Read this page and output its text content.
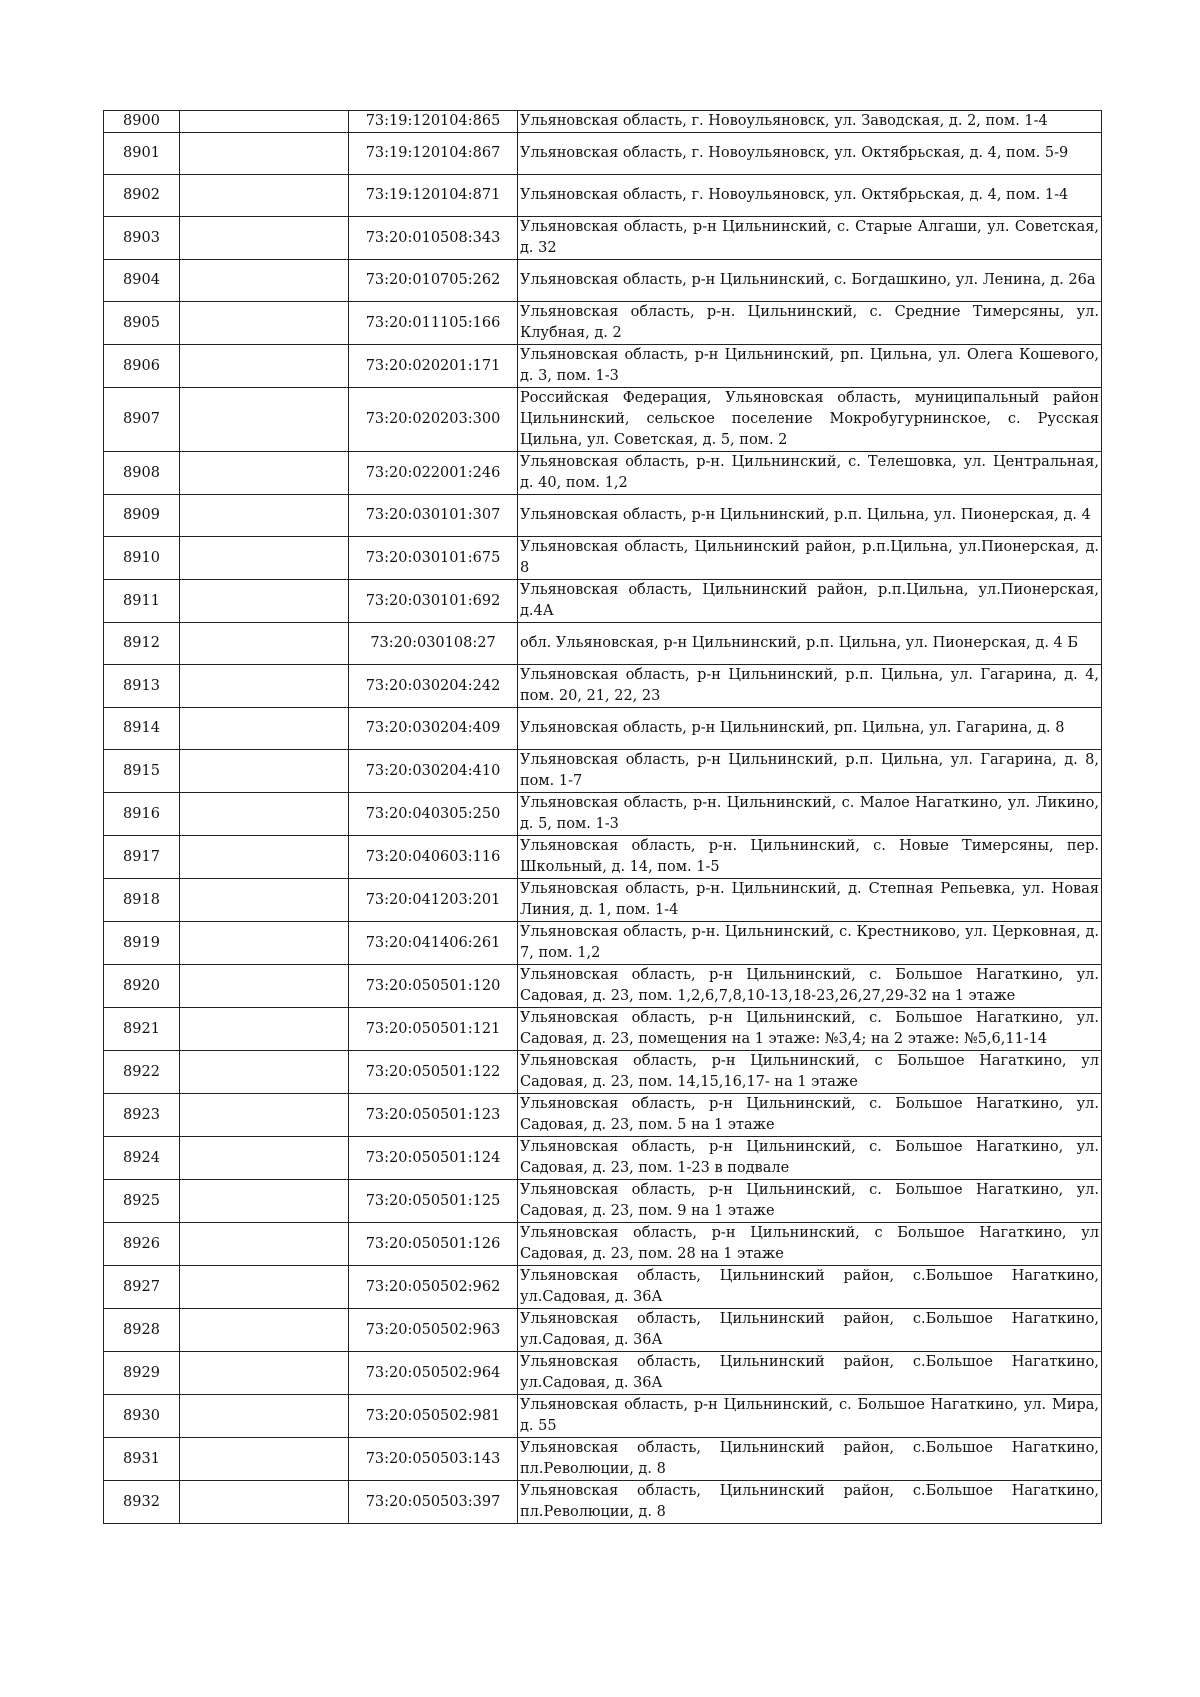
8900		73:19:120104:865	Ульяновская область, г. Новоульяновск, ул. Заводская, д. 2, пом. 1-4
8901		73:19:120104:867	Ульяновская область, г. Новоульяновск, ул. Октябрьская, д. 4, пом. 5-9
8902		73:19:120104:871	Ульяновская область, г. Новоульяновск, ул. Октябрьская, д. 4, пом. 1-4
8903		73:20:010508:343	Ульяновская область, р-н Цильнинский, с. Старые Алгаши, ул. Советская, д. 32
8904		73:20:010705:262	Ульяновская область, р-н Цильнинский, с. Богдашкино, ул. Ленина, д. 26а
8905		73:20:011105:166	Ульяновская область, р-н. Цильнинский, с. Средние Тимерсяны, ул. Клубная, д. 2
8906		73:20:020201:171	Ульяновская область, р-н Цильнинский, рп. Цильна, ул. Олега Кошевого, д. 3, пом. 1-3
8907		73:20:020203:300	Российская Федерация, Ульяновская область, муниципальный район Цильнинский, сельское поселение Мокробугурнинское, с. Русская Цильна, ул. Советская, д. 5, пом. 2
8908		73:20:022001:246	Ульяновская область, р-н. Цильнинский, с. Телешовка, ул. Центральная, д. 40, пом. 1,2
8909		73:20:030101:307	Ульяновская область, р-н Цильнинский, р.п. Цильна, ул. Пионерская, д. 4
8910		73:20:030101:675	Ульяновская область, Цильнинский район, р.п.Цильна, ул.Пионерская, д. 8
8911		73:20:030101:692	Ульяновская область, Цильнинский район, р.п.Цильна, ул.Пионерская, д.4А
8912		73:20:030108:27	обл. Ульяновская, р-н Цильнинский, р.п. Цильна, ул. Пионерская, д. 4 Б
8913		73:20:030204:242	Ульяновская область, р-н Цильнинский, р.п. Цильна, ул. Гагарина, д. 4, пом. 20, 21, 22, 23
8914		73:20:030204:409	Ульяновская область, р-н Цильнинский, рп. Цильна, ул. Гагарина, д. 8
8915		73:20:030204:410	Ульяновская область, р-н Цильнинский, р.п. Цильна, ул. Гагарина, д. 8, пом. 1-7
8916		73:20:040305:250	Ульяновская область, р-н. Цильнинский, с. Малое Нагаткино, ул. Ликино, д. 5, пом. 1-3
8917		73:20:040603:116	Ульяновская область, р-н. Цильнинский, с. Новые Тимерсяны, пер. Школьный, д. 14, пом. 1-5
8918		73:20:041203:201	Ульяновская область, р-н. Цильнинский, д. Степная Репьевка, ул. Новая Линия, д. 1, пом. 1-4
8919		73:20:041406:261	Ульяновская область, р-н. Цильнинский, с. Крестниково, ул. Церковная, д. 7, пом. 1,2
8920		73:20:050501:120	Ульяновская область, р-н Цильнинский, с. Большое Нагаткино, ул. Садовая, д. 23, пом. 1,2,6,7,8,10-13,18-23,26,27,29-32 на 1 этаже
8921		73:20:050501:121	Ульяновская область, р-н Цильнинский, с. Большое Нагаткино, ул. Садовая, д. 23, помещения на 1 этаже: №3,4; на 2 этаже: №5,6,11-14
8922		73:20:050501:122	Ульяновская область, р-н Цильнинский, с Большое Нагаткино, ул Садовая, д. 23, пом. 14,15,16,17- на 1 этаже
8923		73:20:050501:123	Ульяновская область, р-н Цильнинский, с. Большое Нагаткино, ул. Садовая, д. 23, пом. 5 на 1 этаже
8924		73:20:050501:124	Ульяновская область, р-н Цильнинский, с. Большое Нагаткино, ул. Садовая, д. 23, пом. 1-23 в подвале
8925		73:20:050501:125	Ульяновская область, р-н Цильнинский, с. Большое Нагаткино, ул. Садовая, д. 23, пом. 9 на 1 этаже
8926		73:20:050501:126	Ульяновская область, р-н Цильнинский, с Большое Нагаткино, ул Садовая, д. 23, пом. 28 на 1 этаже
8927		73:20:050502:962	Ульяновская область, Цильнинский район, с.Большое Нагаткино, ул.Садовая, д. 36А
8928		73:20:050502:963	Ульяновская область, Цильнинский район, с.Большое Нагаткино, ул.Садовая, д. 36А
8929		73:20:050502:964	Ульяновская область, Цильнинский район, с.Большое Нагаткино, ул.Садовая, д. 36А
8930		73:20:050502:981	Ульяновская область, р-н Цильнинский, с. Большое Нагаткино, ул. Мира, д. 55
8931		73:20:050503:143	Ульяновская область, Цильнинский район, с.Большое Нагаткино, пл.Революции, д. 8
8932		73:20:050503:397	Ульяновская область, Цильнинский район, с.Большое Нагаткино, пл.Революции, д. 8
